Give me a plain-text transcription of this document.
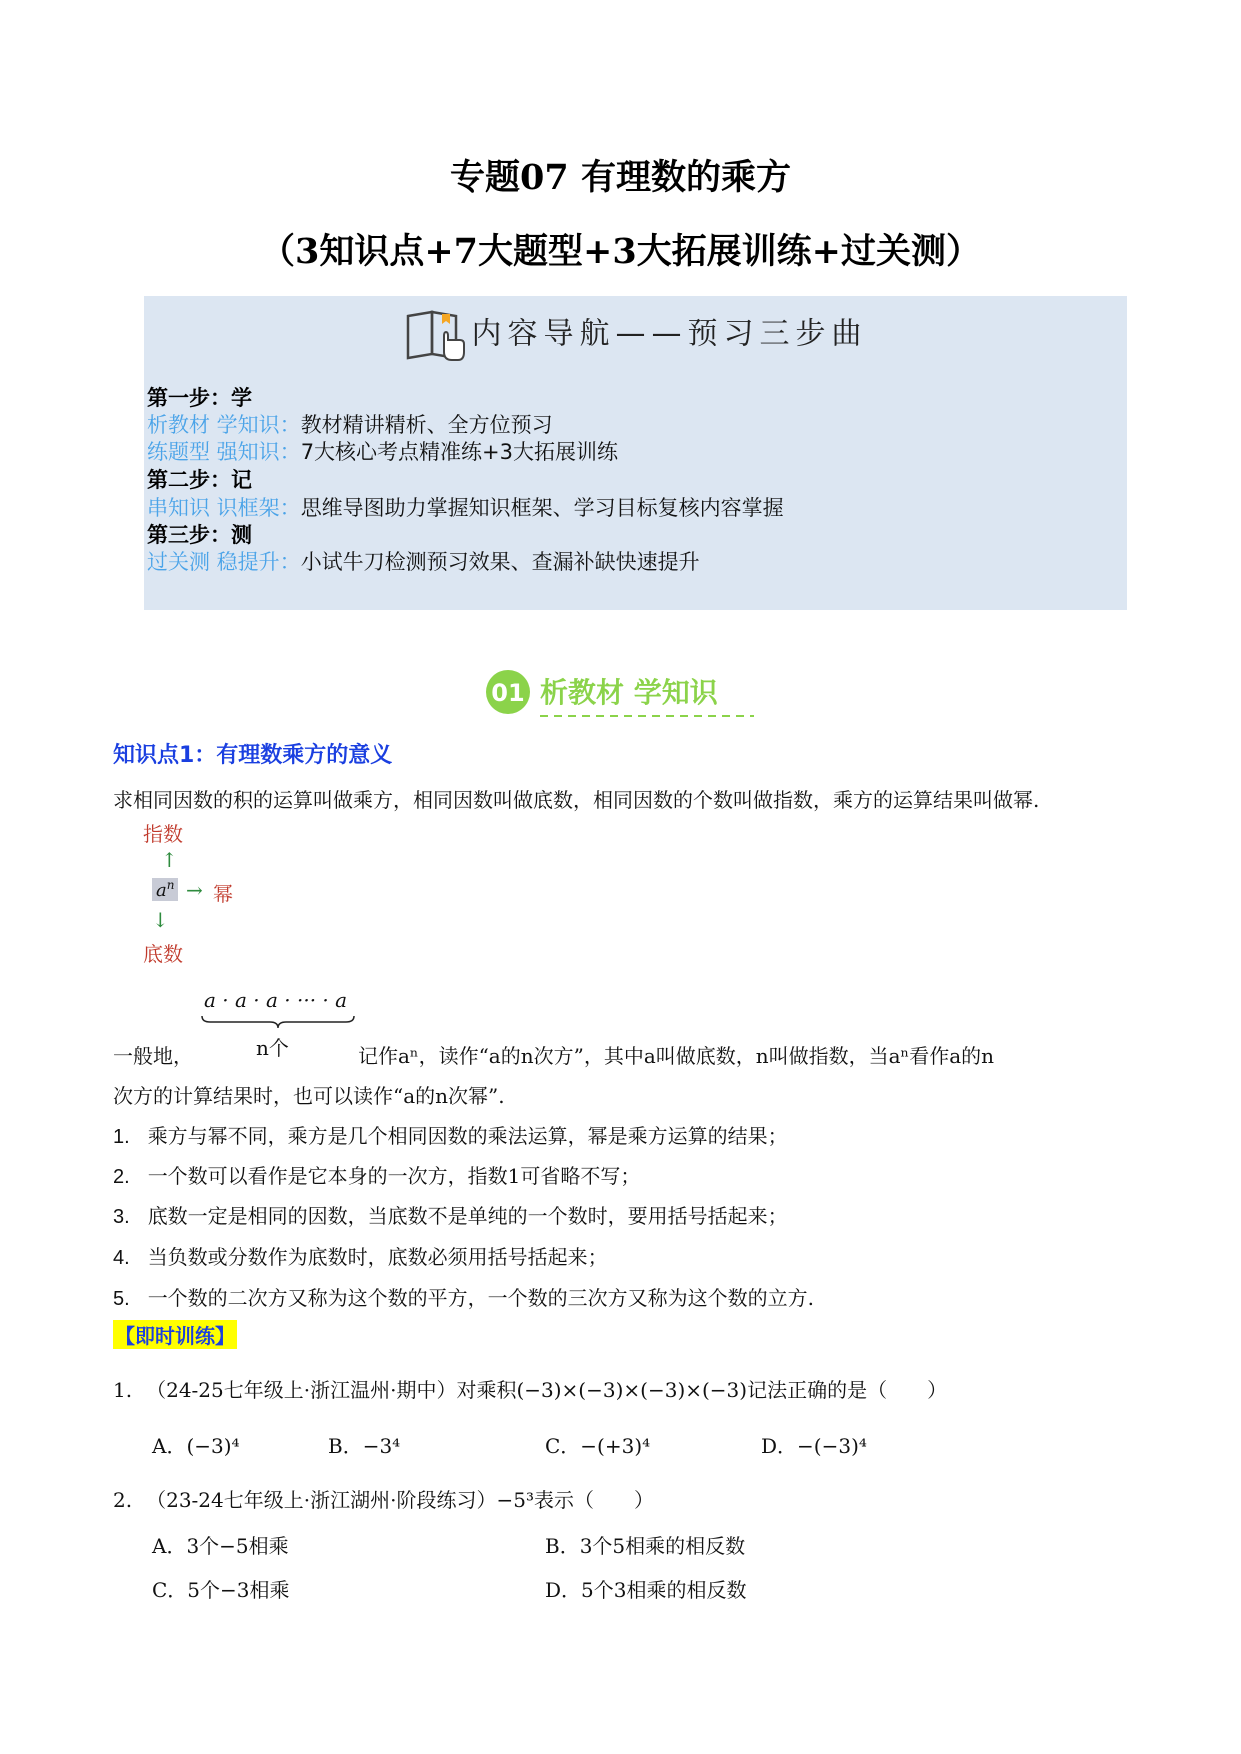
专题07 有理数的乘方
（3知识点+7大题型+3大拓展训练+过关测）
内容导航——预习三步曲
第一步：学
析教材 学知识：教材精讲精析、全方位预习
练题型 强知识：7大核心考点精准练+3大拓展训练
第二步：记
串知识 识框架：思维导图助力掌握知识框架、学习目标复核内容掌握
第三步：测
过关测 稳提升：小试牛刀检测预习效果、查漏补缺快速提升
01 析教材 学知识
知识点1：有理数乘方的意义
求相同因数的积的运算叫做乘方，相同因数叫做底数，相同因数的个数叫做指数，乘方的运算结果叫做幂.
指数
↑
$a^n$ → 幂
↓
底数
a · a · a · ··· · a
n个
一般地，	记作aⁿ，读作“a的n次方”，其中a叫做底数，n叫做指数，当aⁿ看作a的n
次方的计算结果时，也可以读作“a的n次幂”.
1. 乘方与幂不同，乘方是几个相同因数的乘法运算，幂是乘方运算的结果；
2. 一个数可以看作是它本身的一次方，指数1可省略不写；
3. 底数一定是相同的因数，当底数不是单纯的一个数时，要用括号括起来；
4. 当负数或分数作为底数时，底数必须用括号括起来；
5. 一个数的二次方又称为这个数的平方，一个数的三次方又称为这个数的立方.
【即时训练】
1. （24-25七年级上·浙江温州·期中）对乘积(−3)×(−3)×(−3)×(−3)记法正确的是（　　）
A．(−3)⁴	B．−3⁴	C．−(+3)⁴	D．−(−3)⁴
2. （23-24七年级上·浙江湖州·阶段练习）−5³表示（　　）
A．3个−5相乘	B．3个5相乘的相反数
C．5个−3相乘	D．5个3相乘的相反数
